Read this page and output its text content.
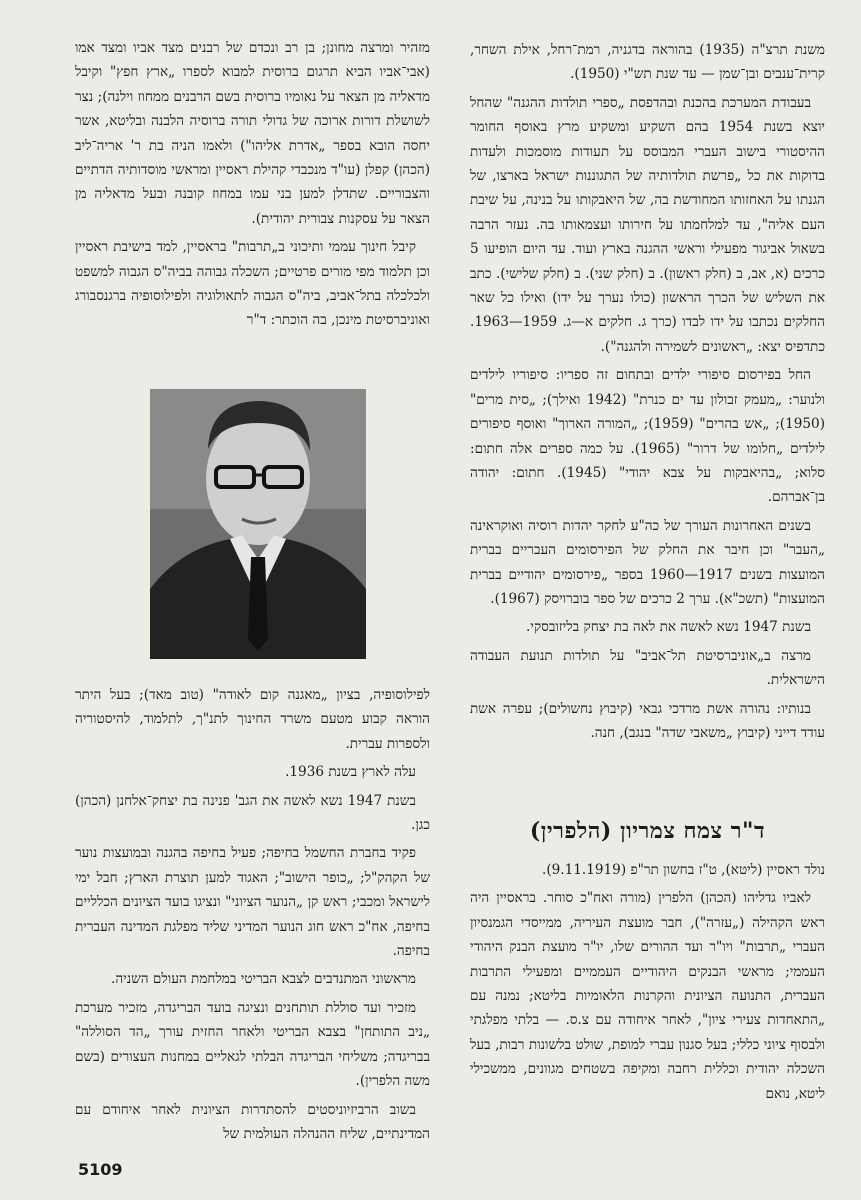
משנת תרצ"ה (1935) בהוראה בדגניה, רמת־רחל, אילת השחר, קרית־ענבים ובן־שמן — עד שנת תש"י (1950).

בעבודת המערכת בהכנת ובהדפסת „ספרי תולדות ההגנה" שהחל יוצא בשנת 1954 בהם השקיע ומשקיע מרץ באוסף החומר ההיסטורי בישוב העברי המבוסס על תעודות מוסמכות ולעדות בדוקות את כל „פרשת תולדותיה של התגוננות ישראל בארצו, של הגנתו על האחזותו המחודשת בה, של היאבקותו על בנינה, על שיבת העם אליה", עד למלחמתו על חירותו ועצמאותו בה. נעזר הרבה בשאול אביגור מפעילי וראשי ההגנה בארץ ועוד. עד היום הופיעו 5 כרכים (א, אב, ב (חלק ראשון). ב (חלק שני). ב (חלק שלישי). כתב את השליש של הכרך הראשון (כולו נערך על ידו) ואילו כל שאר החלקים נכתבו על ידו לבדו (כרך ג. חלקים א—ג. 1959—1963. כתדפיס יצא: „ראשונים לשמירה ולהגנה").

החל בפירסום סיפורי ילדים ובתחום זה ספריו: סיפוריו לילדים ולנוער: „מעמק זבולון עד ים כנרת" (1942 ואילך); „סית מרים" (1950); „אש בהרים" (1959); „המורה הארוך" ואוסף סיפורים לילדים „חלומו של דרור" (1965). על כמה ספרים אלה חתום: סלוא; „בהיאבקות על צבא יהודי" (1945). חתום: יהודה בן־אברהם.

בשנים האחרונות העורך של כה"ע לחקר יהדות רוסיה ואוקראינה „העבר" וכן חיבר את החלק של הפירסומים העבריים בברית המועצות בשנים 1917—1960 בספר „פירסומים יהודיים בברית המועצות" (תשכ"א). ערך 2 כרכים של ספר בוברויסק (1967).

בשנת 1947 נשא לאשה את לאה בת יצחק בליזובסקי.

מרצה ב„אוניברסיטת תל־אביב" על תולדות תנועת העבודה הישראלית.

בנותיו: נהורה אשת מרדכי גבאי (קיבוץ נחשולים); עפרה אשת עודד דייני (קיבוץ „משאבי שדה" בנגב), חנה.

ד"ר צמח צמריון (הלפרין)

נולד ראסיין (ליטא), ט"ז בחשון תר"פ (9.11.1919).

לאביו גדליהו (הכהן) הלפרין (מורה ואח"כ סוחר. בראסיין היה ראש הקהילה („עזרה"), חבר מועצת העיריה, ממייסדי הגמנסיון העברי „תרבות" ויו"ר ועד ההורים שלו, יו"ר מועצת הבנק היהודי העממי; מראשי הבנקים היהודיים העממיים ומפעילי התרבות העברית, התנועה הציונית והקרנות הלאומיות בליטא; נמנה עם „התאחדות צעירי ציון", לאחר איחודה עם צ.ס. — בלתי מפלגתי ולבסוף ציוני כללי; בעל סגנון עברי למופת, שולט בלשונות רבות, בעל השכלה יהודית וכללית רחבה ומקיפה בשטחים מגוונים, ממשכילי ליטא, נואם

מזהיר ומרצה מחונן; בן רב ונכדם של רבנים מצד אביו ומצד אמו (אבי־אביו הביא תרגום ברוסית למבוא לספרו „ארץ חפץ" וקיבל מדאליה מן הצאר על נאומיו ברוסית בשם הרבנים ממחוז וילנה); נצר לשושלת דורות ארוכה של גדולי תורה ברוסיה הלבנה ובליטא, אשר יחסה הובא בספר „אדרת אליהו") ולאמו הניה בת ר' אריה־ליב (הכהן) קפלן (עו"ד מנכבדי קהילת ראסיין ומראשי מוסדותיה הדתיים והצבוריים. שתדלן למען בני עמו במחוז קובנה ובעל מדאליה מן הצאר על עסקנות צבורית יהודית).

קיבל חינוך עממי ותיכוני ב„תרבות" בראסיין, למד בישיבת ראסיין וכן תלמוד מפי מורים פרטיים; השכלה גבוהה בביה"ס הגבוה למשפט ולכלכלה בתל־אביב, ביה"ס הגבוה לתאולוגיה ולפילוסופיה ברגנסבורג ואוניברסיטת מינכן, בה הוכתר: ד"ר

לפילוסופיה, בציון „מאגנה קום לאודה" (טוב מאד); בעל היתר הוראה קבוע מטעם משרד החינוך לתנ"ך, לתלמוד, להיסטוריה ולספרות עברית.

עלה לארץ בשנת 1936.

בשנת 1947 נשא לאשה את הגב' פנינה בת יצחק־אלחנן (הכהן) כגן.

פקיד בחברת החשמל בחיפה; פעיל בחיפה בהגנה ובמועצות נוער של הקהק"ל; „כופר הישוב"; האגוד למען תוצרת הארץ; חבל ימי לישראל ומכבי; ראש קן „הנוער הציוני" ונציגו בועד הציונים הכלליים בחיפה, אח"כ ראש חוג הנוער המדיני שליד מפלגת המדינה העברית בחיפה.

מראשוני המתנדבים לצבא הבריטי במלחמת העולם השניה.

מזכיר ועד סוללת תותחנים ונציגה בועד הבריגדה, מזכיר מערכת „ניב התותחן" בצבא הבריטי ולאחר החזית עורך „הד הסוללה" בבריגדה; משליחי הבריגדה הבלתי לגאליים במחנות העצורים (בשם משה הלפרין).

בשוב הרביזיוניסטים להסתדרות הציונית לאחר איחודם עם המדינתיים, שליח ההנהלה העולמית של

5109
